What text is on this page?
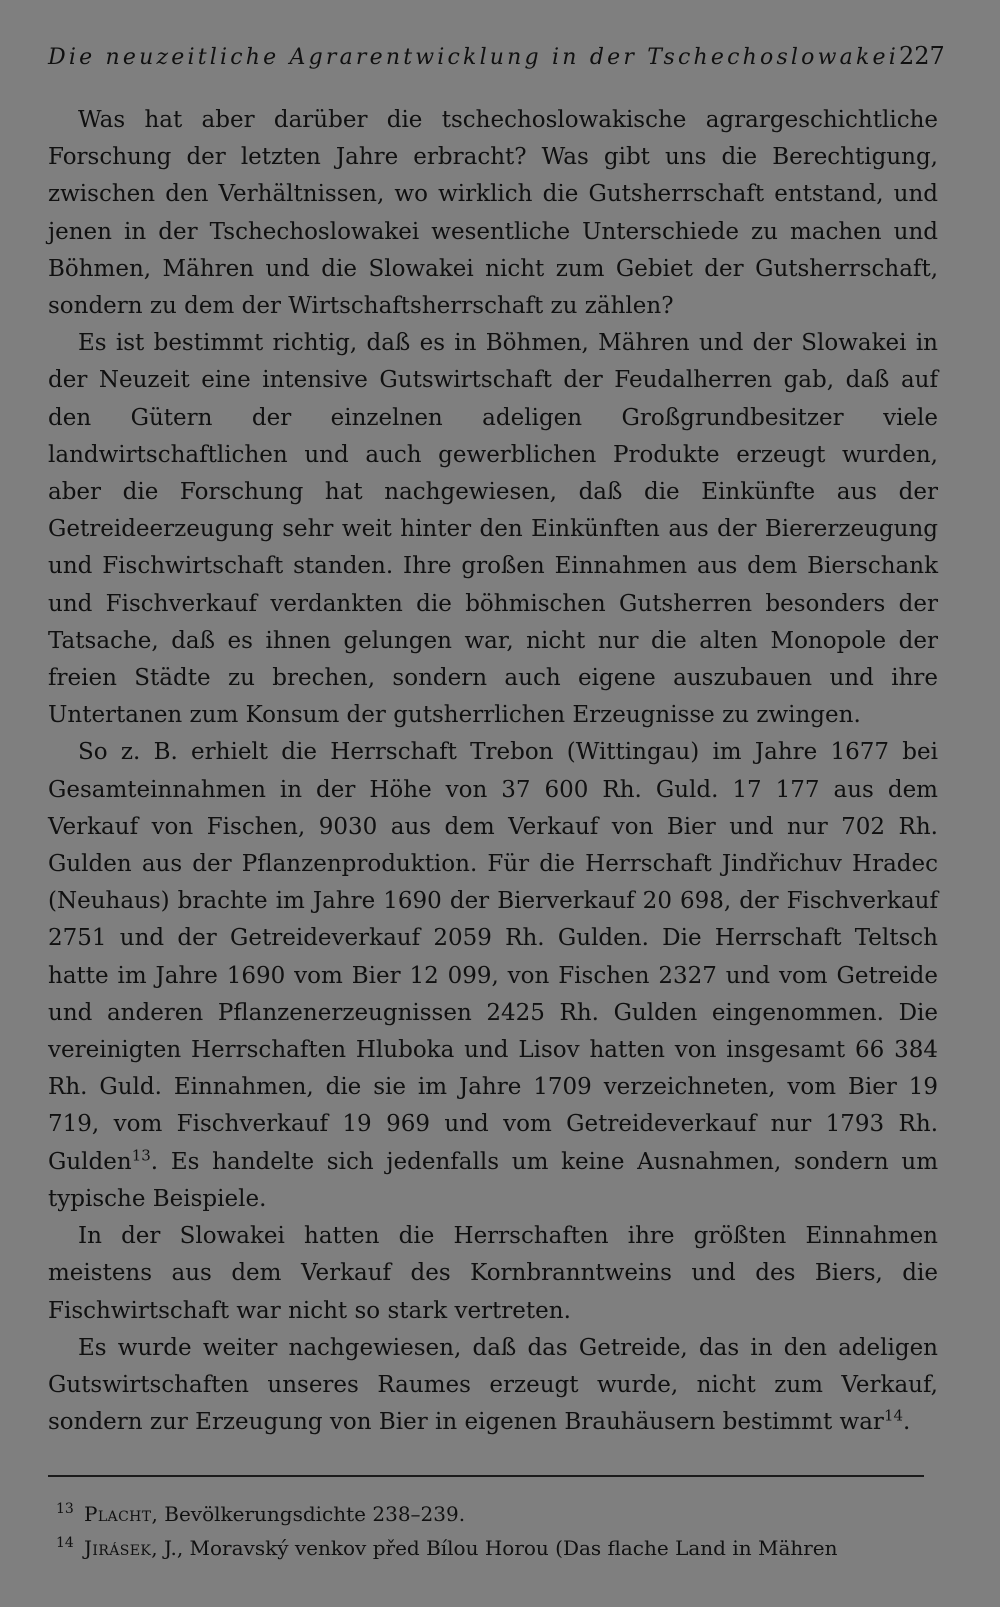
Die neuzeitliche Agrarentwicklung in der Tschechoslowakei 227

Was hat aber darüber die tschechoslowakische agrargeschichtliche Forschung der letzten Jahre erbracht? Was gibt uns die Berechtigung, zwischen den Verhältnissen, wo wirklich die Gutsherrschaft entstand, und jenen in der Tschechoslowakei wesentliche Unterschiede zu machen und Böhmen, Mähren und die Slowakei nicht zum Gebiet der Gutsherrschaft, sondern zu dem der Wirtschaftsherrschaft zu zählen?

Es ist bestimmt richtig, daß es in Böhmen, Mähren und der Slowakei in der Neuzeit eine intensive Gutswirtschaft der Feudalherren gab, daß auf den Gütern der einzelnen adeligen Großgrundbesitzer viele landwirtschaftlichen und auch gewerblichen Produkte erzeugt wurden, aber die Forschung hat nachgewiesen, daß die Einkünfte aus der Getreideerzeugung sehr weit hinter den Einkünften aus der Biererzeugung und Fischwirtschaft standen. Ihre großen Einnahmen aus dem Bierschank und Fischverkauf verdankten die böhmischen Gutsherren besonders der Tatsache, daß es ihnen gelungen war, nicht nur die alten Monopole der freien Städte zu brechen, sondern auch eigene auszubauen und ihre Untertanen zum Konsum der gutsherrlichen Erzeugnisse zu zwingen.

So z. B. erhielt die Herrschaft Trebon (Wittingau) im Jahre 1677 bei Gesamteinnahmen in der Höhe von 37 600 Rh. Guld. 17 177 aus dem Verkauf von Fischen, 9030 aus dem Verkauf von Bier und nur 702 Rh. Gulden aus der Pflanzenproduktion. Für die Herrschaft Jindřichuv Hradec (Neuhaus) brachte im Jahre 1690 der Bierverkauf 20 698, der Fischverkauf 2751 und der Getreideverkauf 2059 Rh. Gulden. Die Herrschaft Teltsch hatte im Jahre 1690 vom Bier 12 099, von Fischen 2327 und vom Getreide und anderen Pflanzenerzeugnissen 2425 Rh. Gulden eingenommen. Die vereinigten Herrschaften Hluboka und Lisov hatten von insgesamt 66 384 Rh. Guld. Einnahmen, die sie im Jahre 1709 verzeichneten, vom Bier 19 719, vom Fischverkauf 19 969 und vom Getreideverkauf nur 1793 Rh. Gulden$^{13}$. Es handelte sich jedenfalls um keine Ausnahmen, sondern um typische Beispiele.

In der Slowakei hatten die Herrschaften ihre größten Einnahmen meistens aus dem Verkauf des Kornbranntweins und des Biers, die Fischwirtschaft war nicht so stark vertreten.

Es wurde weiter nachgewiesen, daß das Getreide, das in den adeligen Gutswirtschaften unseres Raumes erzeugt wurde, nicht zum Verkauf, sondern zur Erzeugung von Bier in eigenen Brauhäusern bestimmt war$^{14}$.

13 Placht , Bevölkerungsdichte 238–239.
14 Jirásek , J., Moravský venkov před Bílou Horou (Das flache Land in Mähren
